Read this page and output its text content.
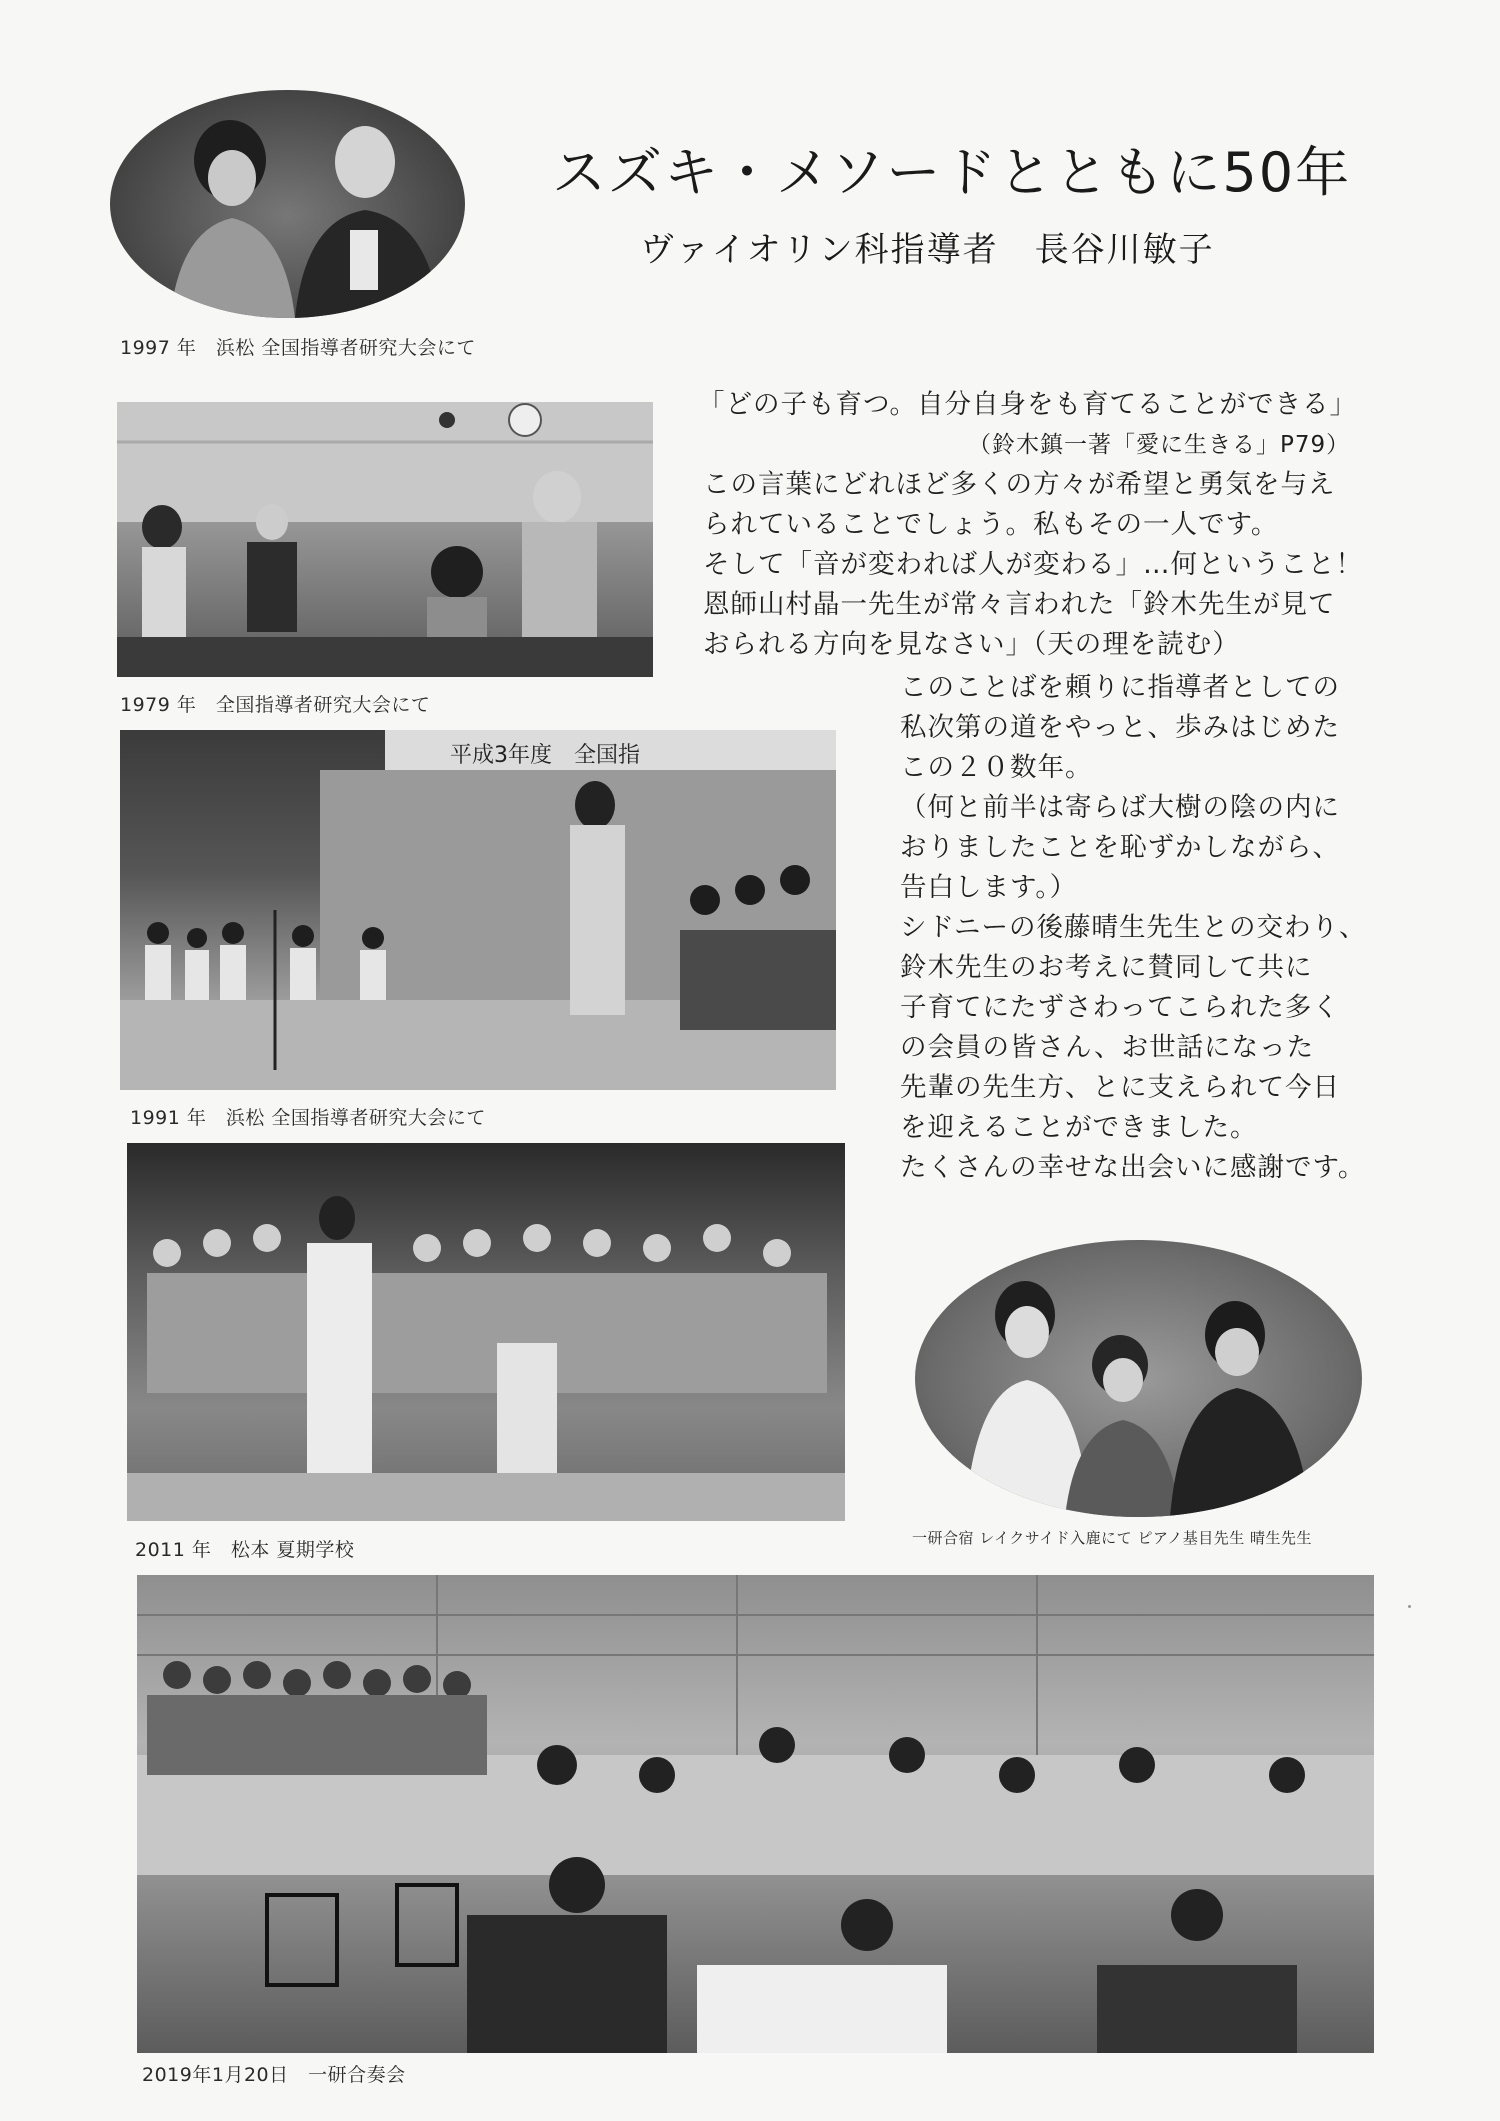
1997 年　浜松 全国指導者研究大会にて
スズキ・メソードとともに50年
ヴァイオリン科指導者　長谷川敏子
1979 年　全国指導者研究大会にて
平成3年度　全国指
1991 年　浜松 全国指導者研究大会にて
2011 年　松本 夏期学校
一研合宿 レイクサイド入鹿にて ピアノ基目先生 晴生先生
2019年1月20日　一研合奏会
「どの子も育つ。自分自身をも育てることができる」
（鈴木鎮一著「愛に生きる」P79）
この言葉にどれほど多くの方々が希望と勇気を与え
られていることでしょう。私もその一人です。
そして「音が変われば人が変わる」…何ということ！
恩師山村晶一先生が常々言われた「鈴木先生が見て
おられる方向を見なさい」（天の理を読む）
このことばを頼りに指導者としての
私次第の道をやっと、歩みはじめた
この２０数年。
（何と前半は寄らば大樹の陰の内に
おりましたことを恥ずかしながら、
告白します。）
シドニーの後藤晴生先生との交わり、
鈴木先生のお考えに賛同して共に
子育てにたずさわってこられた多く
の会員の皆さん、お世話になった
先輩の先生方、とに支えられて今日
を迎えることができました。
たくさんの幸せな出会いに感謝です。
